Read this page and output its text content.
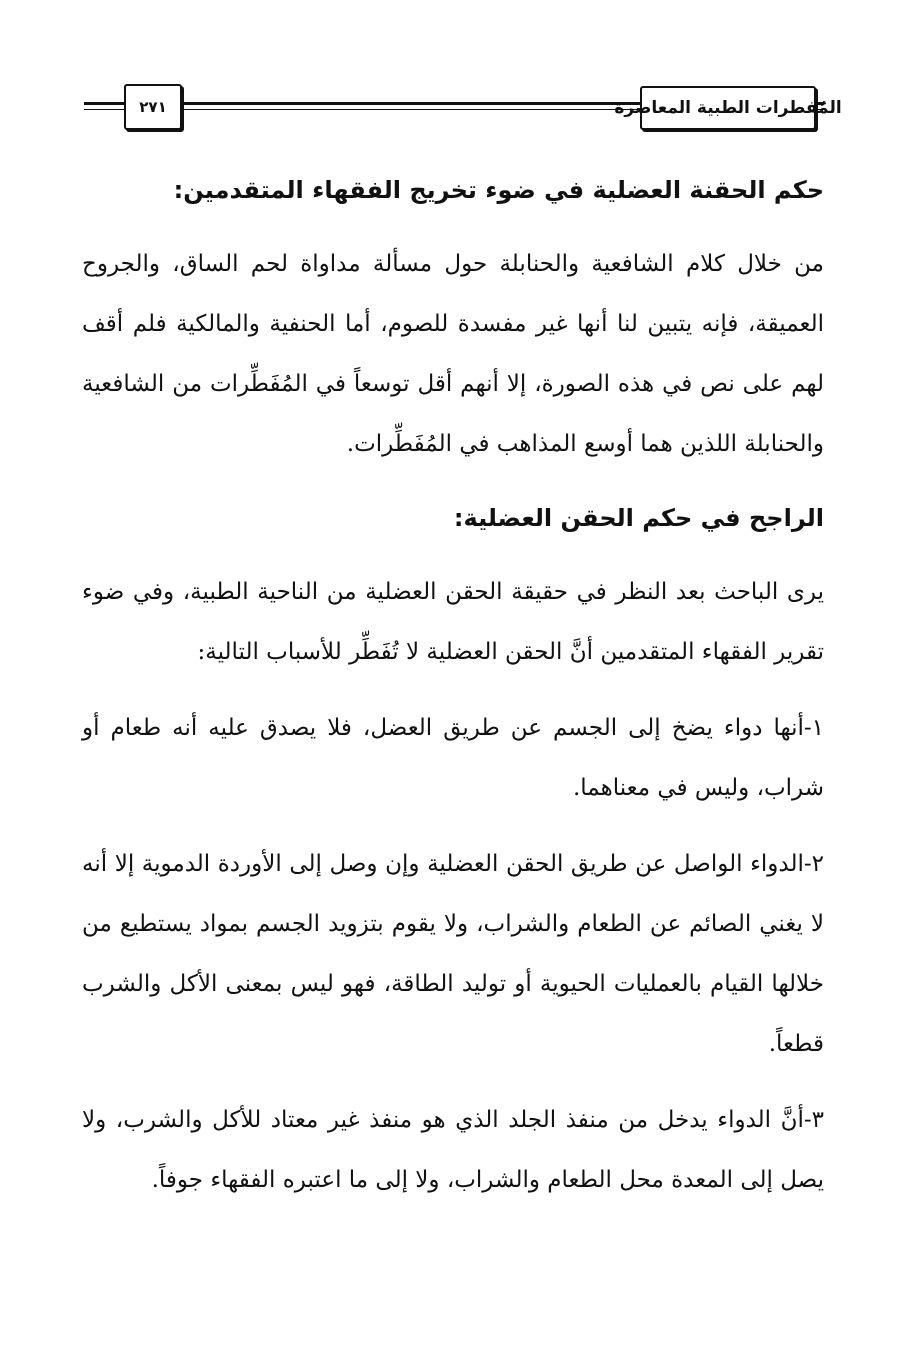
٢٧١	المُفطرات الطبية المعاصرة

حكم الحقنة العضلية في ضوء تخريج الفقهاء المتقدمين:

من خلال كلام الشافعية والحنابلة حول مسألة مداواة لحم الساق، والجروح العميقة، فإنه يتبين لنا أنها غير مفسدة للصوم، أما الحنفية والمالكية فلم أقف لهم على نص في هذه الصورة، إلا أنهم أقل توسعاً في المُفَطِّرات من الشافعية والحنابلة اللذين هما أوسع المذاهب في المُفَطِّرات.

الراجح في حكم الحقن العضلية:

يرى الباحث بعد النظر في حقيقة الحقن العضلية من الناحية الطبية، وفي ضوء تقرير الفقهاء المتقدمين أنَّ الحقن العضلية لا تُفَطِّر للأسباب التالية:

١-أنها دواء يضخ إلى الجسم عن طريق العضل، فلا يصدق عليه أنه طعام أو شراب، وليس في معناهما.

٢-الدواء الواصل عن طريق الحقن العضلية وإن وصل إلى الأوردة الدموية إلا أنه لا يغني الصائم عن الطعام والشراب، ولا يقوم بتزويد الجسم بمواد يستطيع من خلالها القيام بالعمليات الحيوية أو توليد الطاقة، فهو ليس بمعنى الأكل والشرب قطعاً.

٣-أنَّ الدواء يدخل من منفذ الجلد الذي هو منفذ غير معتاد للأكل والشرب، ولا يصل إلى المعدة محل الطعام والشراب، ولا إلى ما اعتبره الفقهاء جوفاً.
